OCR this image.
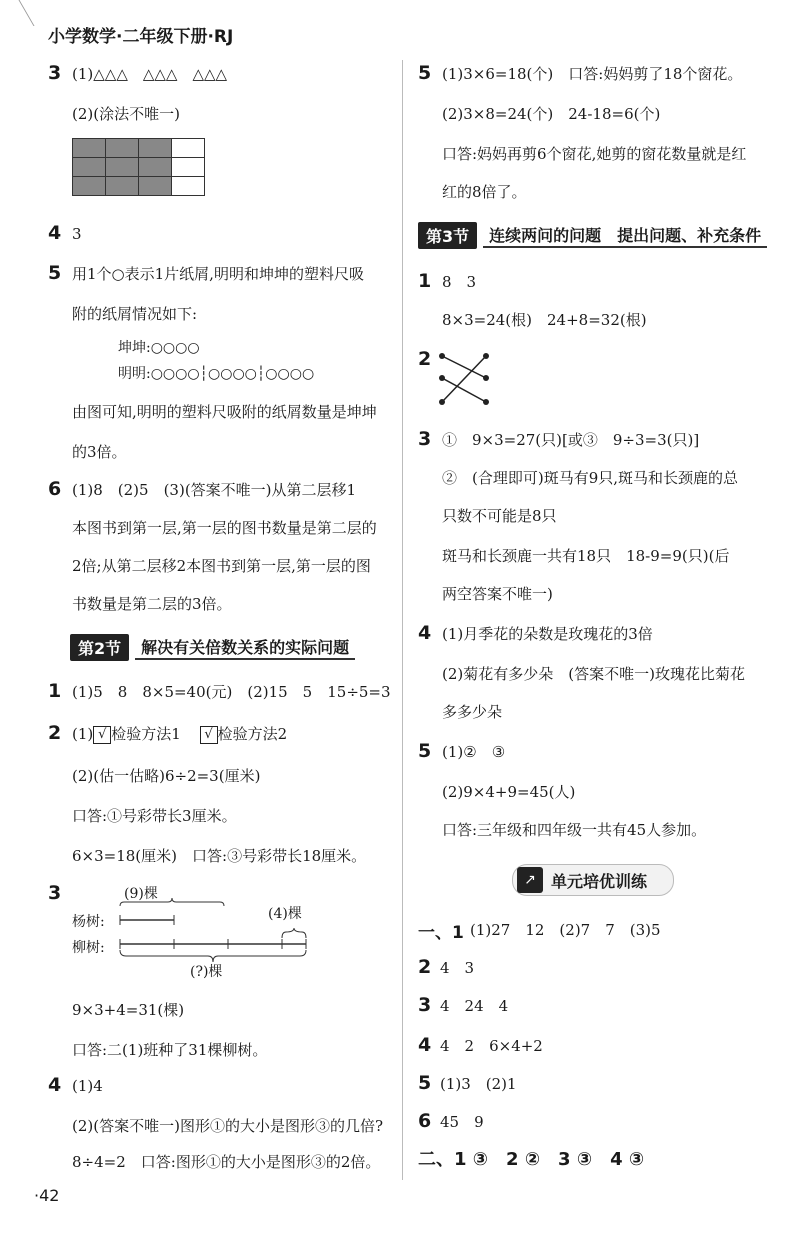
小学数学·二年级下册·RJ
3 (1)△△△　△△△　△△△
(2)(涂法不唯一)

4 3
5 用1个○表示1片纸屑,明明和坤坤的塑料尺吸
附的纸屑情况如下:
坤坤:○○○○
明明:○○○○┆○○○○┆○○○○
由图可知,明明的塑料尺吸附的纸屑数量是坤坤
的3倍。
6 (1)8　(2)5　(3)(答案不唯一)从第二层移1
本图书到第一层,第一层的图书数量是第二层的
2倍;从第二层移2本图书到第一层,第一层的图
书数量是第二层的3倍。
第2节	解决有关倍数关系的实际问题
1 (1)5　8　8×5=40(元)　(2)15　5　15÷5=3
2 (1) √ 检验方法1 √ 检验方法2
(2)(估一估略)6÷2=3(厘米)
口答:①号彩带长3厘米。
6×3=18(厘米)　口答:③号彩带长18厘米。
3	(9)棵
(4)棵
杨树:
柳树:
(?)棵
9×3+4=31(棵)
口答:二(1)班种了31棵柳树。
4 (1)4
(2)(答案不唯一)图形①的大小是图形③的几倍?
8÷4=2　口答:图形①的大小是图形③的2倍。
·42
5 (1)3×6=18(个)　口答:妈妈剪了18个窗花。
(2)3×8=24(个)　24-18=6(个)
口答:妈妈再剪6个窗花,她剪的窗花数量就是红
红的8倍了。
第3节	连续两问的问题　提出问题、补充条件
1 8　3
8×3=24(根)　24+8=32(根)
2
3 ①　9×3=27(只)[或③　9÷3=3(只)]
②　(合理即可)斑马有9只,斑马和长颈鹿的总
只数不可能是8只
斑马和长颈鹿一共有18只　18-9=9(只)(后
两空答案不唯一)
4 (1)月季花的朵数是玫瑰花的3倍
(2)菊花有多少朵　(答案不唯一)玫瑰花比菊花
多多少朵
5 (1)②　③
(2)9×4+9=45(人)
口答:三年级和四年级一共有45人参加。
↗ 单元培优训练
一、1 (1)27　12　(2)7　7　(3)5
2 4　3
3 4　24　4
4 4　2　6×4+2
5 (1)3　(2)1
6 45　9
二、1 ③　2 ②　3 ③　4 ③
